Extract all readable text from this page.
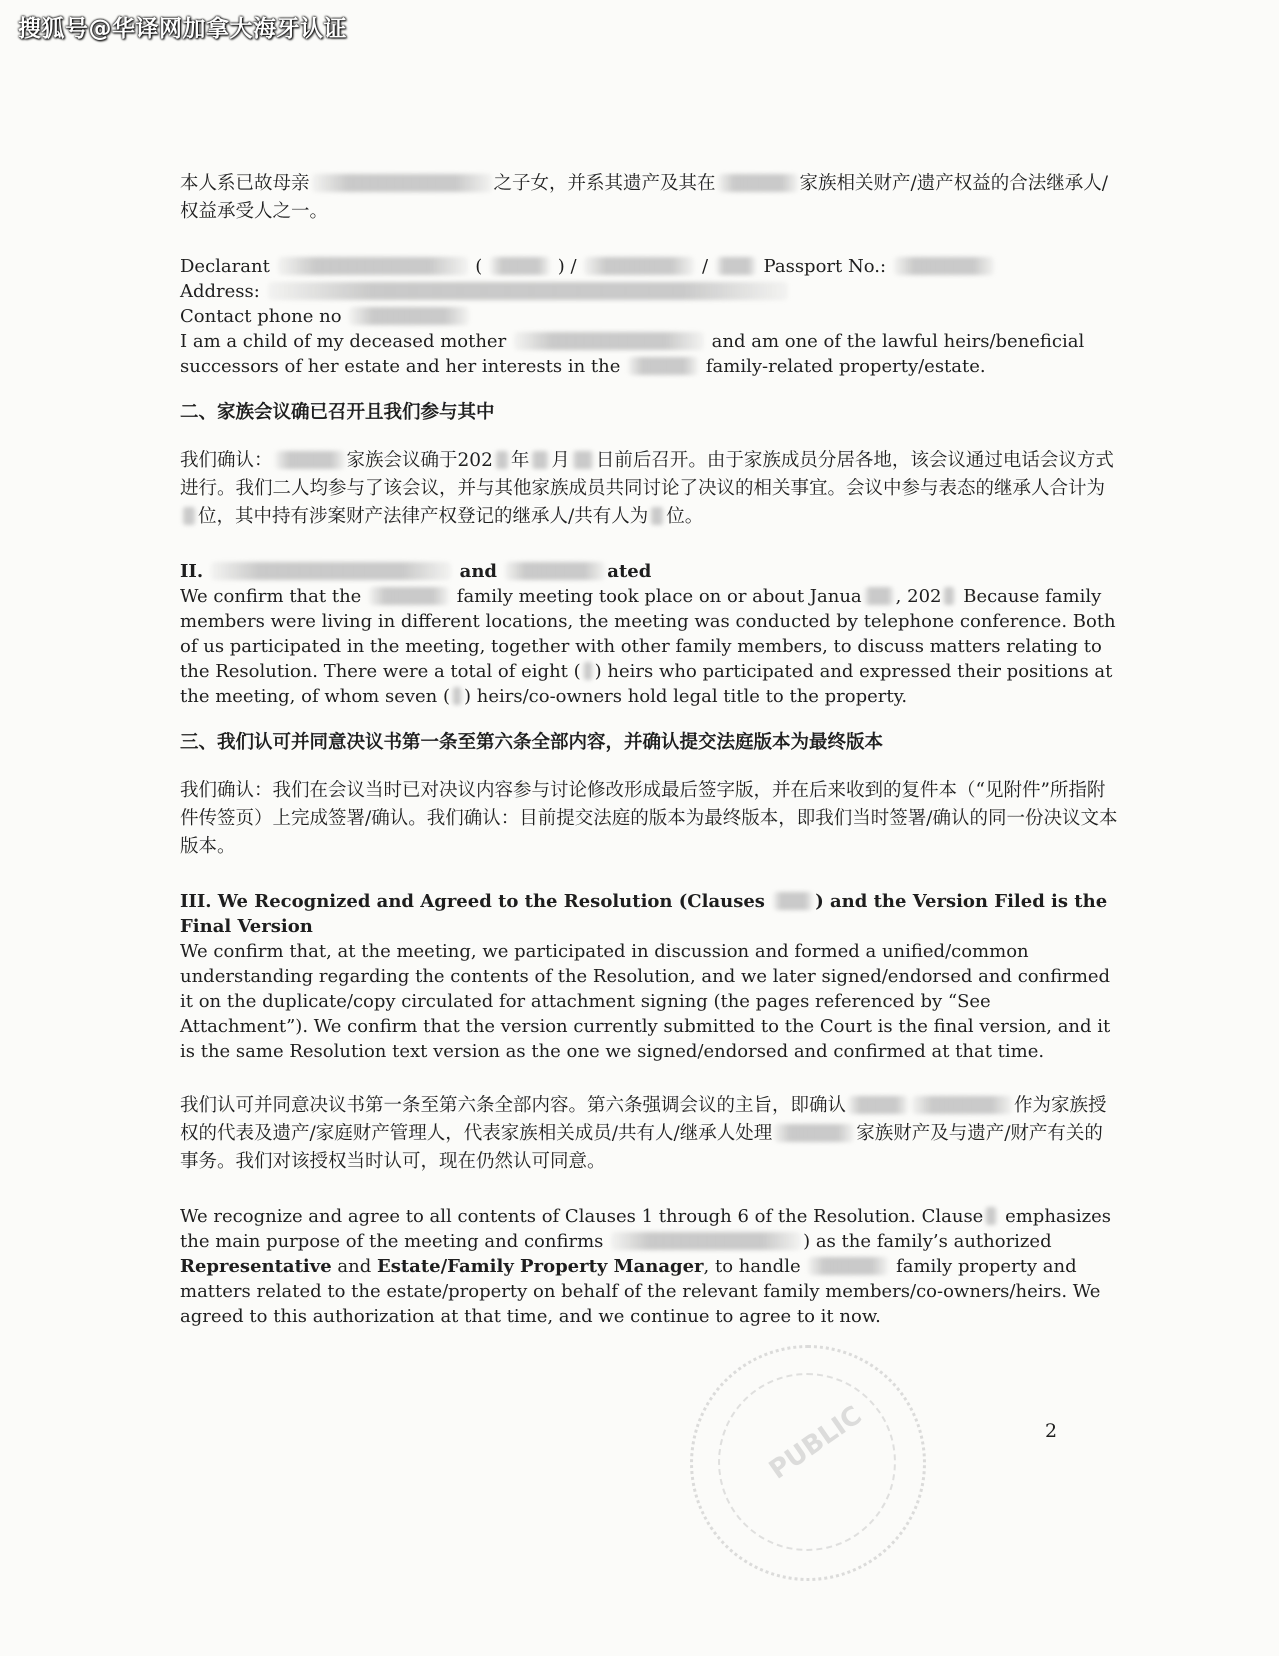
搜狐号@华译网加拿大海牙认证

本人系已故母亲	之子女，并系其遗产及其在	家族相关财产/遗产权益的合法继承人/权益承受人之一。

Declarant	(	) /	/	Passport No.:

Address:

Contact phone no

I am a child of my deceased mother	and am one of the lawful heirs/beneficial successors of her estate and her interests in the	family-related property/estate.

二、家族会议确已召开且我们参与其中

我们确认：	家族会议确于202 年 月 日前后召开。由于家族成员分居各地，该会议通过电话会议方式进行。我们二人均参与了该会议，并与其他家族成员共同讨论了决议的相关事宜。会议中参与表态的继承人合计为位，其中持有涉案财产法律产权登记的继承人/共有人为 位。

II.	and	ated

We confirm that the	family meeting took place on or about Janua , 202 Because family members were living in different locations, the meeting was conducted by telephone conference. Both of us participated in the meeting, together with other family members, to discuss matters relating to the Resolution. There were a total of eight ( ) heirs who participated and expressed their positions at the meeting, of whom seven ( ) heirs/co-owners hold legal title to the property.

三、我们认可并同意决议书第一条至第六条全部内容，并确认提交法庭版本为最终版本

我们确认：我们在会议当时已对决议内容参与讨论修改形成最后签字版，并在后来收到的复件本（“见附件”所指附件传签页）上完成签署/确认。我们确认：目前提交法庭的版本为最终版本，即我们当时签署/确认的同一份决议文本版本。

III. We Recognized and Agreed to the Resolution (Clauses	) and the Version Filed is the Final Version

We confirm that, at the meeting, we participated in discussion and formed a unified/common understanding regarding the contents of the Resolution, and we later signed/endorsed and confirmed it on the duplicate/copy circulated for attachment signing (the pages referenced by “See Attachment”). We confirm that the version currently submitted to the Court is the final version, and it is the same Resolution text version as the one we signed/endorsed and confirmed at that time.

我们认可并同意决议书第一条至第六条全部内容。第六条强调会议的主旨，即确认	作为家族授权的代表及遗产/家庭财产管理人，代表家族相关成员/共有人/继承人处理	家族财产及与遗产/财产有关的事务。我们对该授权当时认可，现在仍然认可同意。

We recognize and agree to all contents of Clauses 1 through 6 of the Resolution. Clause emphasizes the main purpose of the meeting and confirms	) as the family’s authorized Representative and Estate/Family Property Manager, to handle	family property and matters related to the estate/property on behalf of the relevant family members/co-owners/heirs. We agreed to this authorization at that time, and we continue to agree to it now.

PUBLIC	2
